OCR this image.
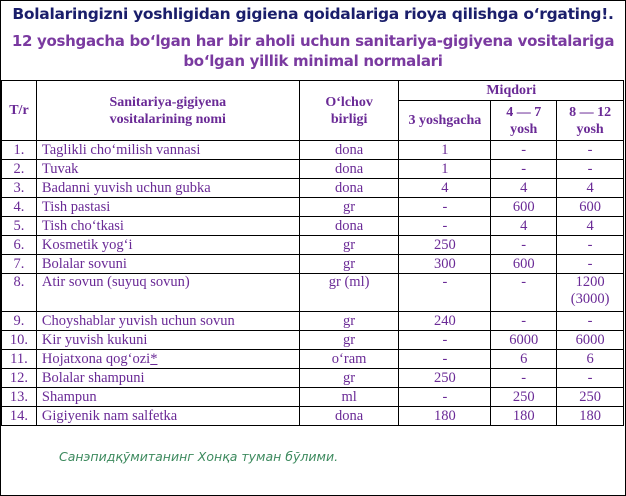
Bolalaringizni yoshligidan gigiena qoidalariga rioya qilishga o‘rgating!.
12 yoshgacha bo‘lgan har bir aholi uchun sanitariya-gigiyena vositalariga
bo‘lgan yillik minimal normalari
T/r	Sanitariya-gigiyena vositalarining nomi	O‘lchov birligi	Miqdori		
			3 yoshgacha	4 — 7 yosh	8 — 12 yosh
1.	Taglikli cho‘milish vannasi	dona	1	-	-

2.	Tuvak	dona	1	-	-

3.	Badanni yuvish uchun gubka	dona	4	4	4

4.	Tish pastasi	gr	-	600	600

5.	Tish cho‘tkasi	dona	-	4	4

6.	Kosmetik yog‘i	gr	250	-	-

7.	Bolalar sovuni	gr	300	600	-

8.	Atir sovun (suyuq sovun)	gr (ml)	-	-	1200
(3000)

9.	Choyshablar yuvish uchun sovun	gr	240	-	-

10.	Kir yuvish kukuni	gr	-	6000	6000

11.	Hojatxona qog‘ozi*	o‘ram	-	6	6

12.	Bolalar shampuni	gr	250	-	-

13.	Shampun	ml	-	250	250

14.	Gigiyenik nam salfetka	dona	180	180	180
Санэпидқўмитанинг Хонқа туман бўлими.
